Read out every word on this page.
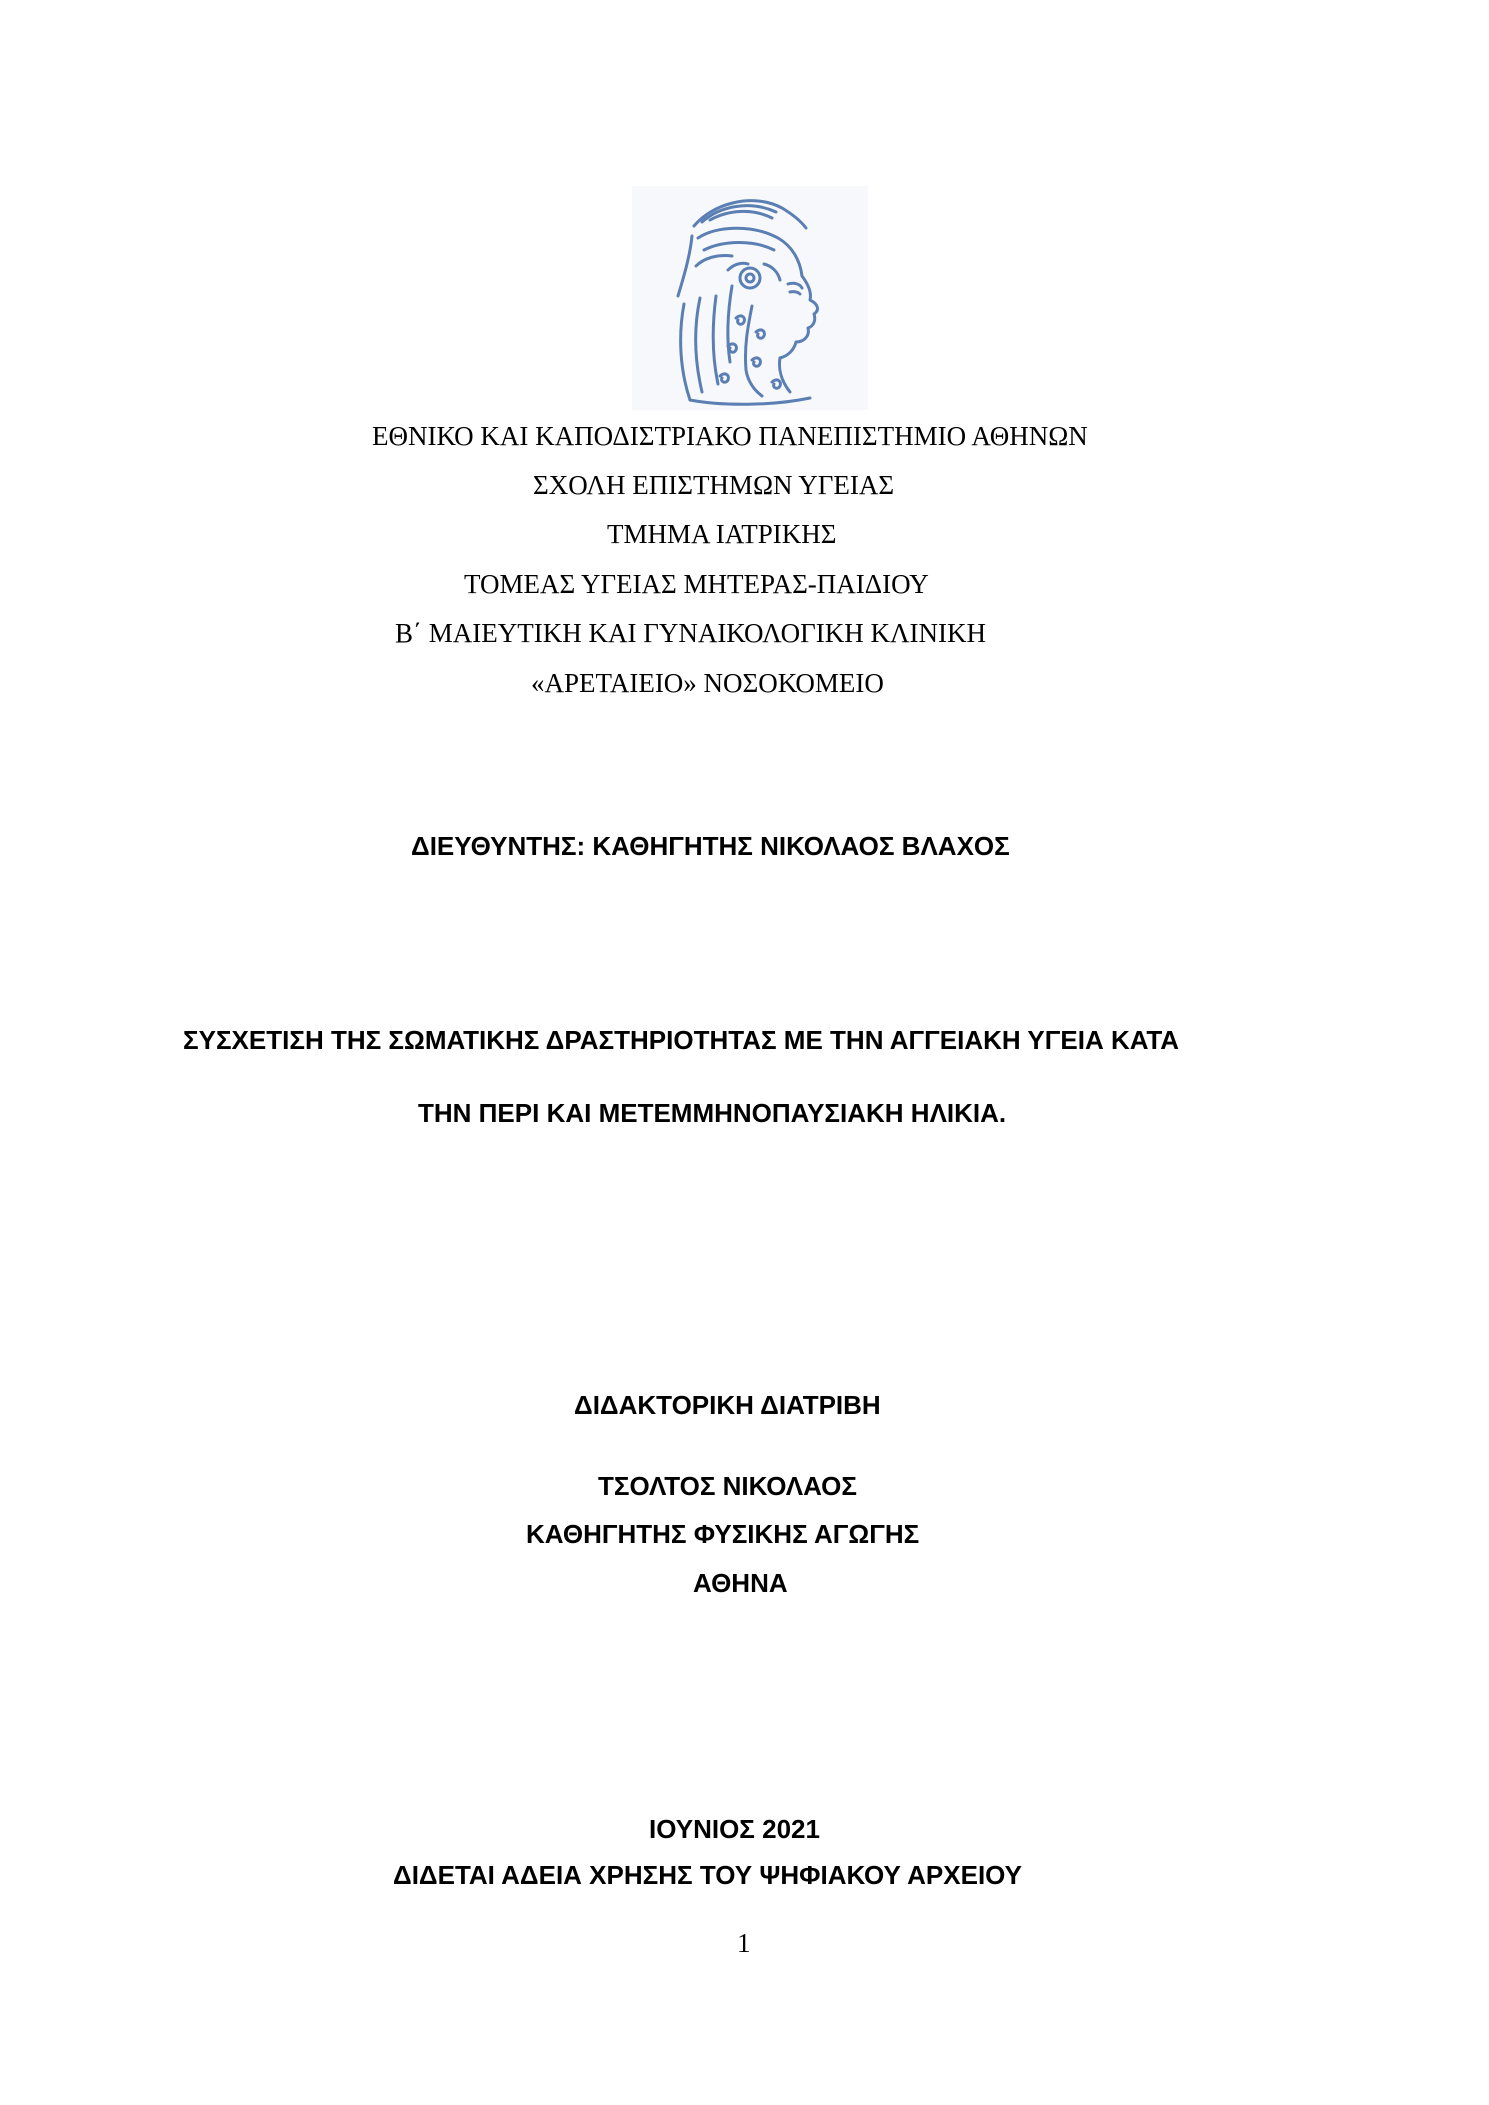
ΕΘΝΙΚΟ ΚΑΙ ΚΑΠΟΔΙΣΤΡΙΑΚΟ ΠΑΝΕΠΙΣΤΗΜΙΟ ΑΘΗΝΩΝ
ΣΧΟΛΗ ΕΠΙΣΤΗΜΩΝ ΥΓΕΙΑΣ
ΤΜΗΜΑ ΙΑΤΡΙΚΗΣ
ΤΟΜΕΑΣ ΥΓΕΙΑΣ ΜΗΤΕΡΑΣ-ΠΑΙΔΙΟΥ
Β΄ ΜΑΙΕΥΤΙΚΗ ΚΑΙ ΓΥΝΑΙΚΟΛΟΓΙΚΗ ΚΛΙΝΙΚΗ
«ΑΡΕΤΑΙΕΙΟ» ΝΟΣΟΚΟΜΕΙΟ
ΔΙΕΥΘΥΝΤΗΣ: ΚΑΘΗΓΗΤΗΣ ΝΙΚΟΛΑΟΣ ΒΛΑΧΟΣ
ΣΥΣΧΕΤΙΣΗ ΤΗΣ ΣΩΜΑΤΙΚΗΣ ΔΡΑΣΤΗΡΙΟΤΗΤΑΣ ΜΕ ΤΗΝ ΑΓΓΕΙΑΚΗ ΥΓΕΙΑ ΚΑΤΑ
ΤΗΝ ΠΕΡΙ ΚΑΙ ΜΕΤΕΜΜΗΝΟΠΑΥΣΙΑΚΗ ΗΛΙΚΙΑ.
ΔΙΔΑΚΤΟΡΙΚΗ ΔΙΑΤΡΙΒΗ
ΤΣΟΛΤΟΣ ΝΙΚΟΛΑΟΣ
ΚΑΘΗΓΗΤΗΣ ΦΥΣΙΚΗΣ ΑΓΩΓΗΣ
ΑΘΗΝΑ
ΙΟΥΝΙΟΣ 2021
ΔΙΔΕΤΑΙ ΑΔΕΙΑ ΧΡΗΣΗΣ ΤΟΥ ΨΗΦΙΑΚΟΥ ΑΡΧΕΙΟΥ
1
